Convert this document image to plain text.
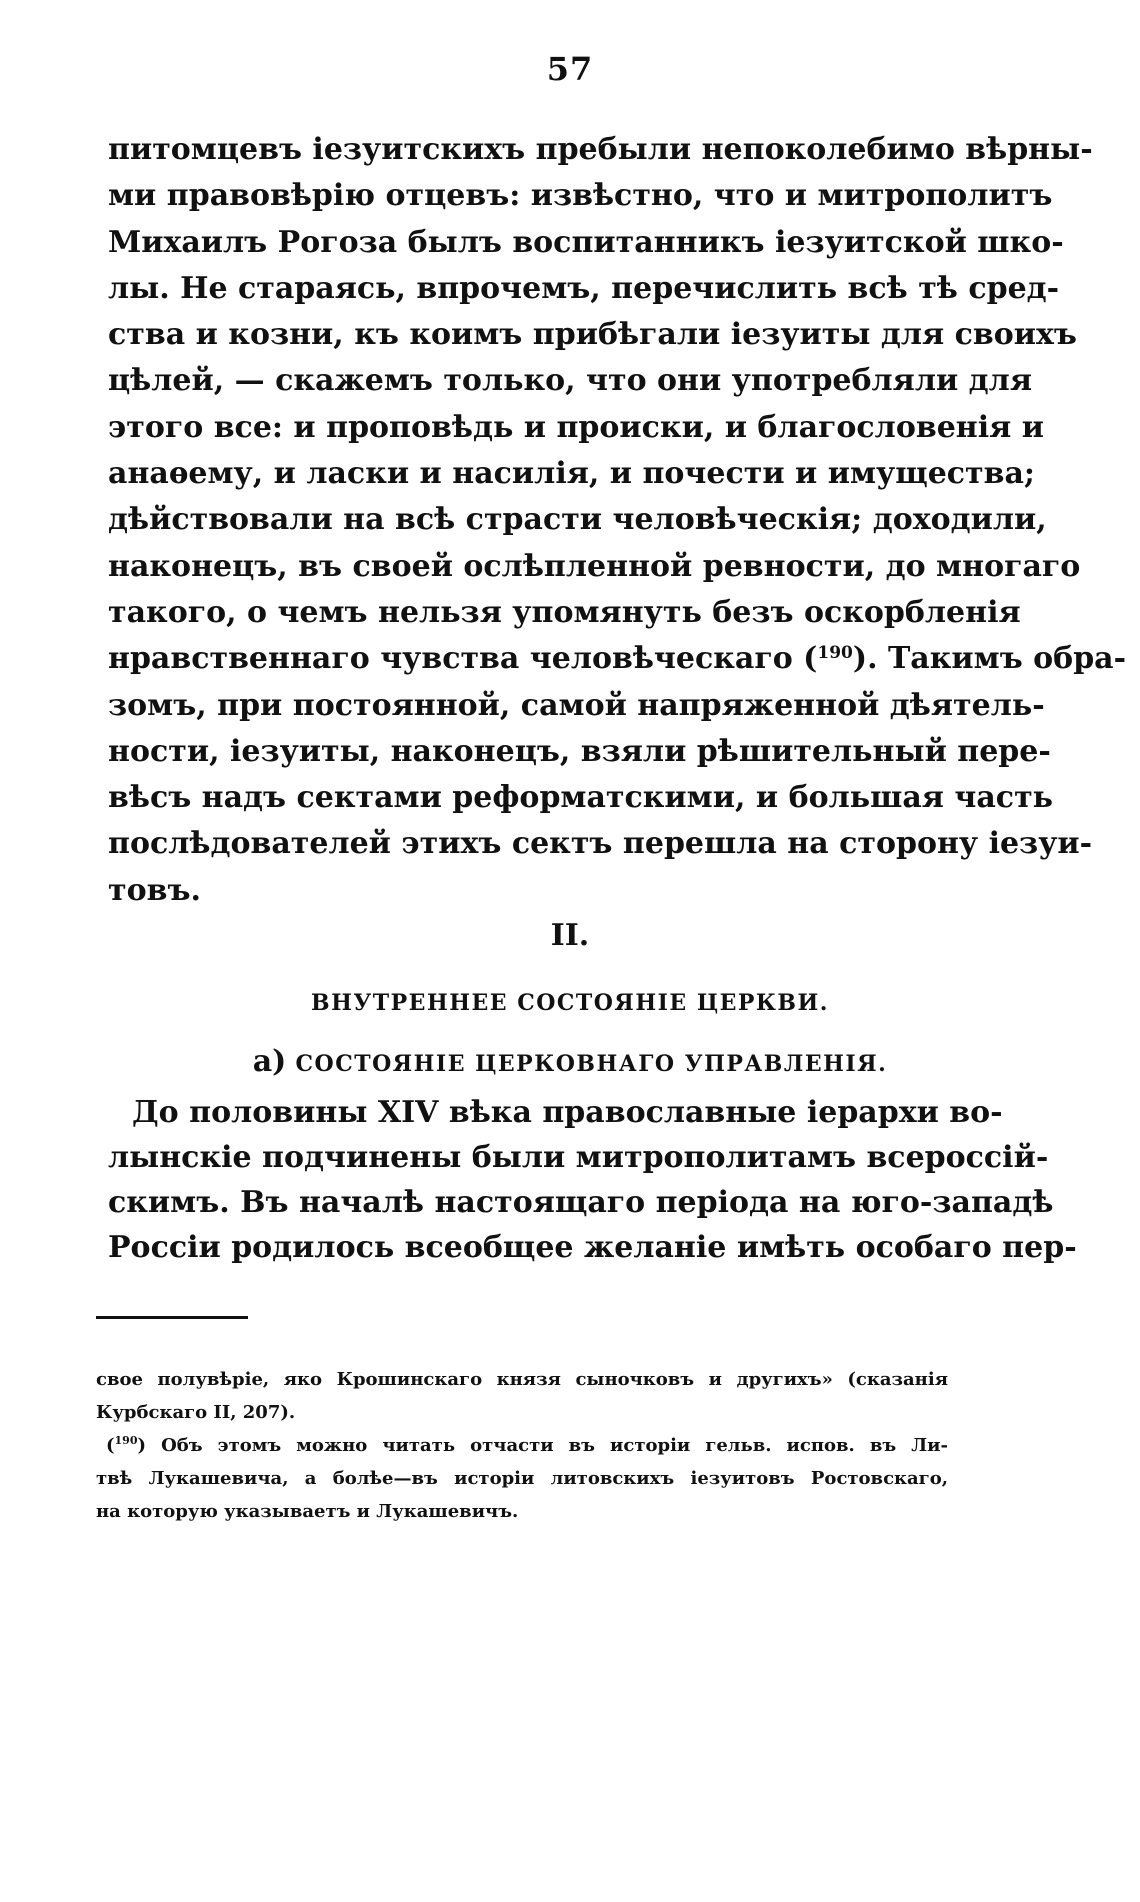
57
питомцевъ іезуитскихъ пребыли непоколебимо вѣрны-
ми правовѣрію отцевъ: извѣстно, что и митрополитъ
Михаилъ Рогоза былъ воспитанникъ іезуитской шко-
лы. Не стараясь, впрочемъ, перечислить всѣ тѣ сред-
ства и козни, къ коимъ прибѣгали іезуиты для своихъ
цѣлей, — скажемъ только, что они употребляли для
этого все: и проповѣдь и происки, и благословенія и
анаѳему, и ласки и насилія, и почести и имущества;
дѣйствовали на всѣ страсти человѣческія; доходили,
наконецъ, въ своей ослѣпленной ревности, до многаго
такого, о чемъ нельзя упомянуть безъ оскорбленія
нравственнаго чувства человѣческаго ($^{190}$). Такимъ обра-
зомъ, при постоянной, самой напряженной дѣятель-
ности, іезуиты, наконецъ, взяли рѣшительный пере-
вѣсъ надъ сектами реформатскими, и большая часть
послѣдователей этихъ сектъ перешла на сторону іезуи-
товъ.
II.
ВНУТРЕННЕЕ СОСТОЯНІЕ ЦЕРКВИ.
а) СОСТОЯНІЕ ЦЕРКОВНАГО УПРАВЛЕНІЯ.
До половины XIV вѣка православные іерархи во-
лынскіе подчинены были митрополитамъ всероссій-
скимъ. Въ началѣ настоящаго періода на юго-западѣ
Россіи родилось всеобщее желаніе имѣть особаго пер-
свое полувѣріе, яко Крошинскаго князя сыночковъ и другихъ» (сказанія
Курбскаго II, 207).
($^{190}$) Объ этомъ можно читать отчасти въ исторіи гельв. испов. въ Ли-
твѣ Лукашевича, а болѣе—въ исторіи литовскихъ іезуитовъ Ростовскаго,
на которую указываетъ и Лукашевичъ.
